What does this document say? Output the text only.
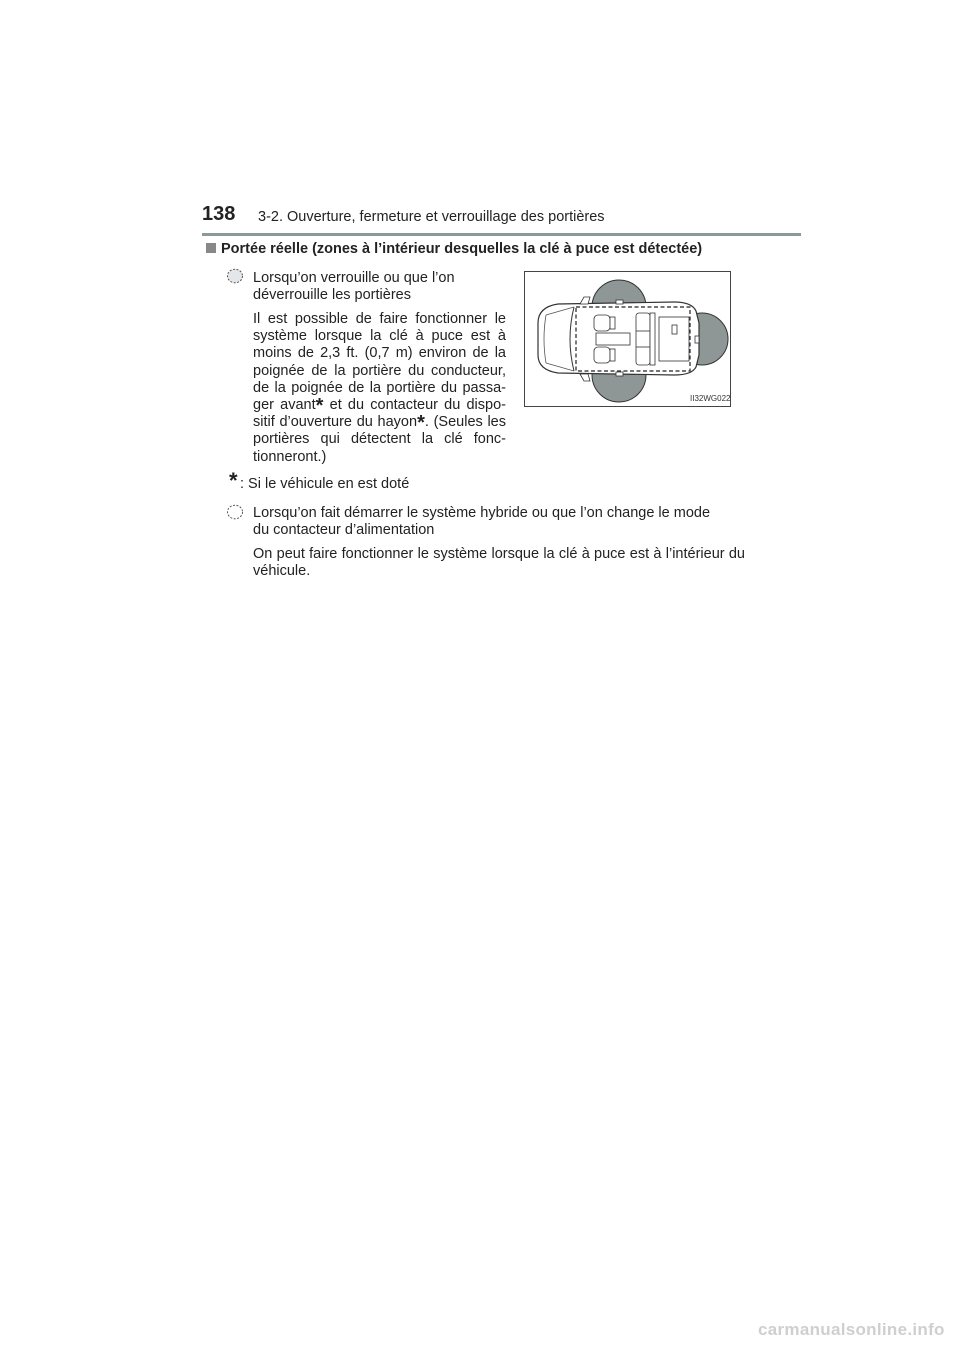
138 3-2. Ouverture, fermeture et verrouillage des portières
Portée réelle (zones à l’intérieur desquelles la clé à puce est détectée)

Lorsqu’on verrouille ou que l’on

déverrouille les portières

Il est possible de faire fonctionner le système lorsque la clé à puce est à moins de 2,3 ft. (0,7 m) environ de la poignée de la portière du conducteur, de la poignée de la portière du passa-ger avant* et du contacteur du dispo-sitif d’ouverture du hayon*. (Seules les portières qui détectent la clé fonc-tionneront.)

II32WG022
* : Si le véhicule en est doté

Lorsqu’on fait démarrer le système hybride ou que l’on change le mode

du contacteur d’alimentation

On peut faire fonctionner le système lorsque la clé à puce est à l’intérieur du véhicule.

carmanualsonline.info
